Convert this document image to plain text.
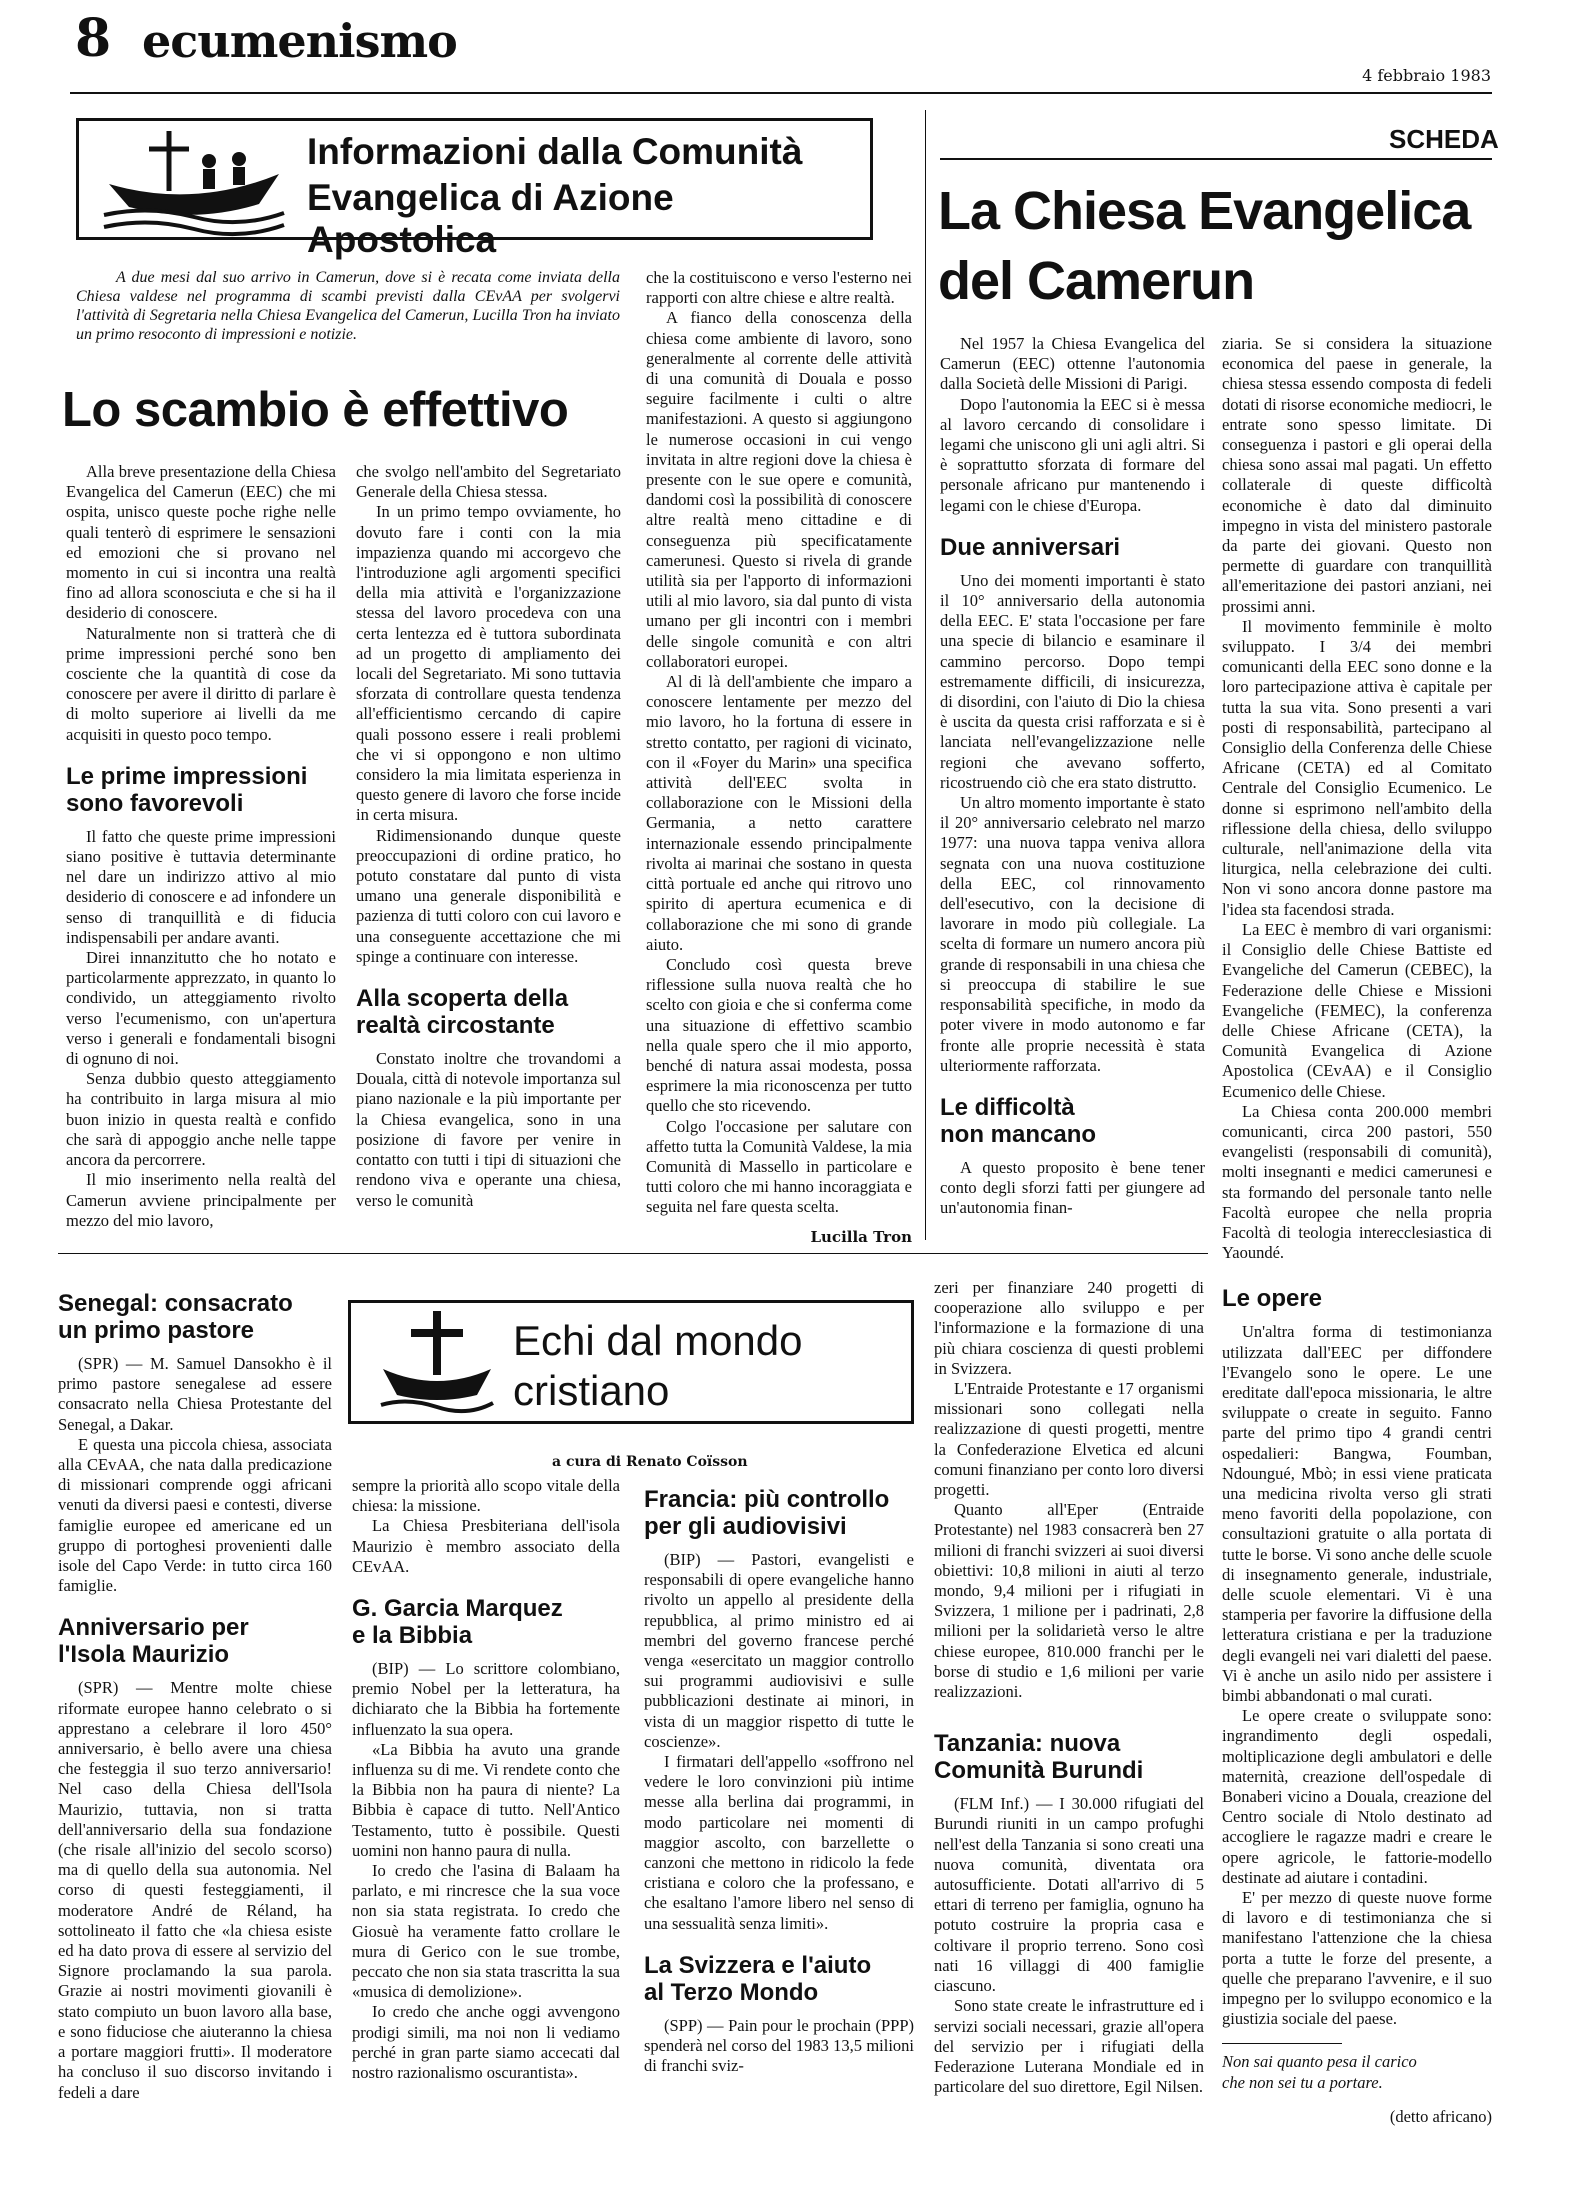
8 ecumenismo
4 febbraio 1983
Informazioni dalla Comunità
Evangelica di Azione Apostolica
SCHEDA
La Chiesa Evangelica
del Camerun

Nel 1957 la Chiesa Evangelica del Camerun (EEC) ottenne l'autonomia dalla Società delle Missioni di Parigi.

Dopo l'autonomia la EEC si è messa al lavoro cercando di consolidare i legami che uniscono gli uni agli altri. Si è soprattutto sforzata di formare del personale africano pur mantenendo i legami con le chiese d'Europa.

Due anniversari

Uno dei momenti importanti è stato il 10° anniversario della autonomia della EEC. E' stata l'occasione per fare una specie di bilancio e esaminare il cammino percorso. Dopo tempi estremamente difficili, di insicurezza, di disordini, con l'aiuto di Dio la chiesa è uscita da questa crisi rafforzata e si è lanciata nell'evangelizzazione nelle regioni che avevano sofferto, ricostruendo ciò che era stato distrutto.

Un altro momento importante è stato il 20° anniversario celebrato nel marzo 1977: una nuova tappa veniva allora segnata con una nuova costituzione della EEC, col rinnovamento dell'esecutivo, con la decisione di lavorare in modo più collegiale. La scelta di formare un numero ancora più grande di responsabili in una chiesa che si preoccupa di stabilire le sue responsabilità specifiche, in modo da poter vivere in modo autonomo e far fronte alle proprie necessità è stata ulteriormente rafforzata.

Le difficoltà
non mancano

A questo proposito è bene tener conto degli sforzi fatti per giungere ad un'autonomia finan-

ziaria. Se si considera la situazione economica del paese in generale, la chiesa stessa essendo composta di fedeli dotati di risorse economiche mediocri, le entrate sono spesso limitate. Di conseguenza i pastori e gli operai della chiesa sono assai mal pagati. Un effetto collaterale di queste difficoltà economiche è dato dal diminuito impegno in vista del ministero pastorale da parte dei giovani. Questo non permette di guardare con tranquillità all'emeritazione dei pastori anziani, nei prossimi anni.

Il movimento femminile è molto sviluppato. I 3/4 dei membri comunicanti della EEC sono donne e la loro partecipazione attiva è capitale per tutta la sua vita. Sono presenti a vari posti di responsabilità, partecipano al Consiglio della Conferenza delle Chiese Africane (CETA) ed al Comitato Centrale del Consiglio Ecumenico. Le donne si esprimono nell'ambito della riflessione della chiesa, dello sviluppo culturale, nell'animazione della vita liturgica, nella celebrazione dei culti. Non vi sono ancora donne pastore ma l'idea sta facendosi strada.

La EEC è membro di vari organismi: il Consiglio delle Chiese Battiste ed Evangeliche del Camerun (CEBEC), la Federazione delle Chiese e Missioni Evangeliche (FEMEC), la conferenza delle Chiese Africane (CETA), la Comunità Evangelica di Azione Apostolica (CEvAA) e il Consiglio Ecumenico delle Chiese.

La Chiesa conta 200.000 membri comunicanti, circa 200 pastori, 550 evangelisti (responsabili di comunità), molti insegnanti e medici camerunesi e sta formando del personale tanto nelle Facoltà europee che nella propria Facoltà di teologia interecclesiastica di Yaoundé.

Le opere

Un'altra forma di testimonianza utilizzata dall'EEC per diffondere l'Evangelo sono le opere. Le une ereditate dall'epoca missionaria, le altre sviluppate o create in seguito. Fanno parte del primo tipo 4 grandi centri ospedalieri: Bangwa, Foumban, Ndoungué, Mbò; in essi viene praticata una medicina rivolta verso gli strati meno favoriti della popolazione, con consultazioni gratuite o alla portata di tutte le borse. Vi sono anche delle scuole di insegnamento generale, industriale, delle scuole elementari. Vi è una stamperia per favorire la diffusione della letteratura cristiana e per la traduzione degli evangeli nei vari dialetti del paese. Vi è anche un asilo nido per assistere i bimbi abbandonati o mal curati.

Le opere create o sviluppate sono: ingrandimento degli ospedali, moltiplicazione degli ambulatori e delle maternità, creazione dell'ospedale di Bonaberi vicino a Douala, creazione del Centro sociale di Ntolo destinato ad accogliere le ragazze madri e creare le opere agricole, le fattorie-modello destinate ad aiutare i contadini.

E' per mezzo di queste nuove forme di lavoro e di testimonianza che si manifestano l'attenzione che la chiesa porta a tutte le forze del presente, a quelle che preparano l'avvenire, e il suo impegno per lo sviluppo economico e la giustizia sociale del paese.

Non sai quanto pesa il carico
che non sei tu a portare.
(detto africano)
A due mesi dal suo arrivo in Camerun, dove si è recata come inviata della Chiesa valdese nel programma di scambi previsti dalla CEvAA per svolgervi l'attività di Segretaria nella Chiesa Evangelica del Camerun, Lucilla Tron ha inviato un primo resoconto di impressioni e notizie.
Lo scambio è effettivo

Alla breve presentazione della Chiesa Evangelica del Camerun (EEC) che mi ospita, unisco queste poche righe nelle quali tenterò di esprimere le sensazioni ed emozioni che si provano nel momento in cui si incontra una realtà fino ad allora sconosciuta e che si ha il desiderio di conoscere.

Naturalmente non si tratterà che di prime impressioni perché sono ben cosciente che la quantità di cose da conoscere per avere il diritto di parlare è di molto superiore ai livelli da me acquisiti in questo poco tempo.

Le prime impressioni
sono favorevoli

Il fatto che queste prime impressioni siano positive è tuttavia determinante nel dare un indirizzo attivo al mio desiderio di conoscere e ad infondere un senso di tranquillità e di fiducia indispensabili per andare avanti.

Direi innanzitutto che ho notato e particolarmente apprezzato, in quanto lo condivido, un atteggiamento rivolto verso l'ecumenismo, con un'apertura verso i generali e fondamentali bisogni di ognuno di noi.

Senza dubbio questo atteggiamento ha contribuito in larga misura al mio buon inizio in questa realtà e confido che sarà di appoggio anche nelle tappe ancora da percorrere.

Il mio inserimento nella realtà del Camerun avviene principalmente per mezzo del mio lavoro,

che svolgo nell'ambito del Segretariato Generale della Chiesa stessa.

In un primo tempo ovviamente, ho dovuto fare i conti con la mia impazienza quando mi accorgevo che l'introduzione agli argomenti specifici della mia attività e l'organizzazione stessa del lavoro procedeva con una certa lentezza ed è tuttora subordinata ad un progetto di ampliamento dei locali del Segretariato. Mi sono tuttavia sforzata di controllare questa tendenza all'efficientismo cercando di capire quali possono essere i reali problemi che vi si oppongono e non ultimo considero la mia limitata esperienza in questo genere di lavoro che forse incide in certa misura.

Ridimensionando dunque queste preoccupazioni di ordine pratico, ho potuto constatare dal punto di vista umano una generale disponibilità e pazienza di tutti coloro con cui lavoro e una conseguente accettazione che mi spinge a continuare con interesse.

Alla scoperta della
realtà circostante

Constato inoltre che trovandomi a Douala, città di notevole importanza sul piano nazionale e la più importante per la Chiesa evangelica, sono in una posizione di favore per venire in contatto con tutti i tipi di situazioni che rendono viva e operante una chiesa, verso le comunità

che la costituiscono e verso l'esterno nei rapporti con altre chiese e altre realtà.

A fianco della conoscenza della chiesa come ambiente di lavoro, sono generalmente al corrente delle attività di una comunità di Douala e posso seguire facilmente i culti o altre manifestazioni. A questo si aggiungono le numerose occasioni in cui vengo invitata in altre regioni dove la chiesa è presente con le sue opere e comunità, dandomi così la possibilità di conoscere altre realtà meno cittadine e di conseguenza più specificatamente camerunesi. Questo si rivela di grande utilità sia per l'apporto di informazioni utili al mio lavoro, sia dal punto di vista umano per gli incontri con i membri delle singole comunità e con altri collaboratori europei.

Al di là dell'ambiente che imparo a conoscere lentamente per mezzo del mio lavoro, ho la fortuna di essere in stretto contatto, per ragioni di vicinato, con il «Foyer du Marin» una specifica attività dell'EEC svolta in collaborazione con le Missioni della Germania, a netto carattere internazionale essendo principalmente rivolta ai marinai che sostano in questa città portuale ed anche qui ritrovo uno spirito di apertura ecumenica e di collaborazione che mi sono di grande aiuto.

Concludo così questa breve riflessione sulla nuova realtà che ho scelto con gioia e che si conferma come una situazione di effettivo scambio nella quale spero che il mio apporto, benché di natura assai modesta, possa esprimere la mia riconoscenza per tutto quello che sto ricevendo.

Colgo l'occasione per salutare con affetto tutta la Comunità Valdese, la mia Comunità di Massello in particolare e tutti coloro che mi hanno incoraggiata e seguita nel fare questa scelta.

Lucilla Tron
Echi dal mondo
cristiano
a cura di Renato Coïsson
Senegal: consacrato
un primo pastore

(SPR) — M. Samuel Dansokho è il primo pastore senegalese ad essere consacrato nella Chiesa Protestante del Senegal, a Dakar.

E questa una piccola chiesa, associata alla CEvAA, che nata dalla predicazione di missionari comprende oggi africani venuti da diversi paesi e contesti, diverse famiglie europee ed americane ed un gruppo di portoghesi provenienti dalle isole del Capo Verde: in tutto circa 160 famiglie.

Anniversario per
l'Isola Maurizio

(SPR) — Mentre molte chiese riformate europee hanno celebrato o si apprestano a celebrare il loro 450° anniversario, è bello avere una chiesa che festeggia il suo terzo anniversario! Nel caso della Chiesa dell'Isola Maurizio, tuttavia, non si tratta dell'anniversario della sua fondazione (che risale all'inizio del secolo scorso) ma di quello della sua autonomia. Nel corso di questi festeggiamenti, il moderatore André de Réland, ha sottolineato il fatto che «la chiesa esiste ed ha dato prova di essere al servizio del Signore proclamando la sua parola. Grazie ai nostri movimenti giovanili è stato compiuto un buon lavoro alla base, e sono fiduciose che aiuteranno la chiesa a portare maggiori frutti». Il moderatore ha concluso il suo discorso invitando i fedeli a dare

sempre la priorità allo scopo vitale della chiesa: la missione.

La Chiesa Presbiteriana dell'isola Maurizio è membro associato della CEvAA.

G. Garcia Marquez
e la Bibbia

(BIP) — Lo scrittore colombiano, premio Nobel per la letteratura, ha dichiarato che la Bibbia ha fortemente influenzato la sua opera.

«La Bibbia ha avuto una grande influenza su di me. Vi rendete conto che la Bibbia non ha paura di niente? La Bibbia è capace di tutto. Nell'Antico Testamento, tutto è possibile. Questi uomini non hanno paura di nulla.

Io credo che l'asina di Balaam ha parlato, e mi rincresce che la sua voce non sia stata registrata. Io credo che Giosuè ha veramente fatto crollare le mura di Gerico con le sue trombe, peccato che non sia stata trascritta la sua «musica di demolizione».

Io credo che anche oggi avvengono prodigi simili, ma noi non li vediamo perché in gran parte siamo accecati dal nostro razionalismo oscurantista».

Francia: più controllo
per gli audiovisivi

(BIP) — Pastori, evangelisti e responsabili di opere evangeliche hanno rivolto un appello al presidente della repubblica, al primo ministro ed ai membri del governo francese perché venga «esercitato un maggior controllo sui programmi audiovisivi e sulle pubblicazioni destinate ai minori, in vista di un maggior rispetto di tutte le coscienze».

I firmatari dell'appello «soffrono nel vedere le loro convinzioni più intime messe alla berlina dai programmi, in modo particolare nei momenti di maggior ascolto, con barzellette o canzoni che mettono in ridicolo la fede cristiana e coloro che la professano, e che esaltano l'amore libero nel senso di una sessualità senza limiti».

La Svizzera e l'aiuto
al Terzo Mondo

(SPP) — Pain pour le prochain (PPP) spenderà nel corso del 1983 13,5 milioni di franchi sviz-

zeri per finanziare 240 progetti di cooperazione allo sviluppo e per l'informazione e la formazione di una più chiara coscienza di questi problemi in Svizzera.

L'Entraide Protestante e 17 organismi missionari sono collegati nella realizzazione di questi progetti, mentre la Confederazione Elvetica ed alcuni comuni finanziano per conto loro diversi progetti.

Quanto all'Eper (Entraide Protestante) nel 1983 consacrerà ben 27 milioni di franchi svizzeri ai suoi diversi obiettivi: 10,8 milioni in aiuti al terzo mondo, 9,4 milioni per i rifugiati in Svizzera, 1 milione per i padrinati, 2,8 milioni per la solidarietà verso le altre chiese europee, 810.000 franchi per le borse di studio e 1,6 milioni per varie realizzazioni.

Tanzania: nuova
Comunità Burundi

(FLM Inf.) — I 30.000 rifugiati del Burundi riuniti in un campo profughi nell'est della Tanzania si sono creati una nuova comunità, diventata ora autosufficiente. Dotati all'arrivo di 5 ettari di terreno per famiglia, ognuno ha potuto costruire la propria casa e coltivare il proprio terreno. Sono così nati 16 villaggi di 400 famiglie ciascuno.

Sono state create le infrastrutture ed i servizi sociali necessari, grazie all'opera del servizio per i rifugiati della Federazione Luterana Mondiale ed in particolare del suo direttore, Egil Nilsen.
